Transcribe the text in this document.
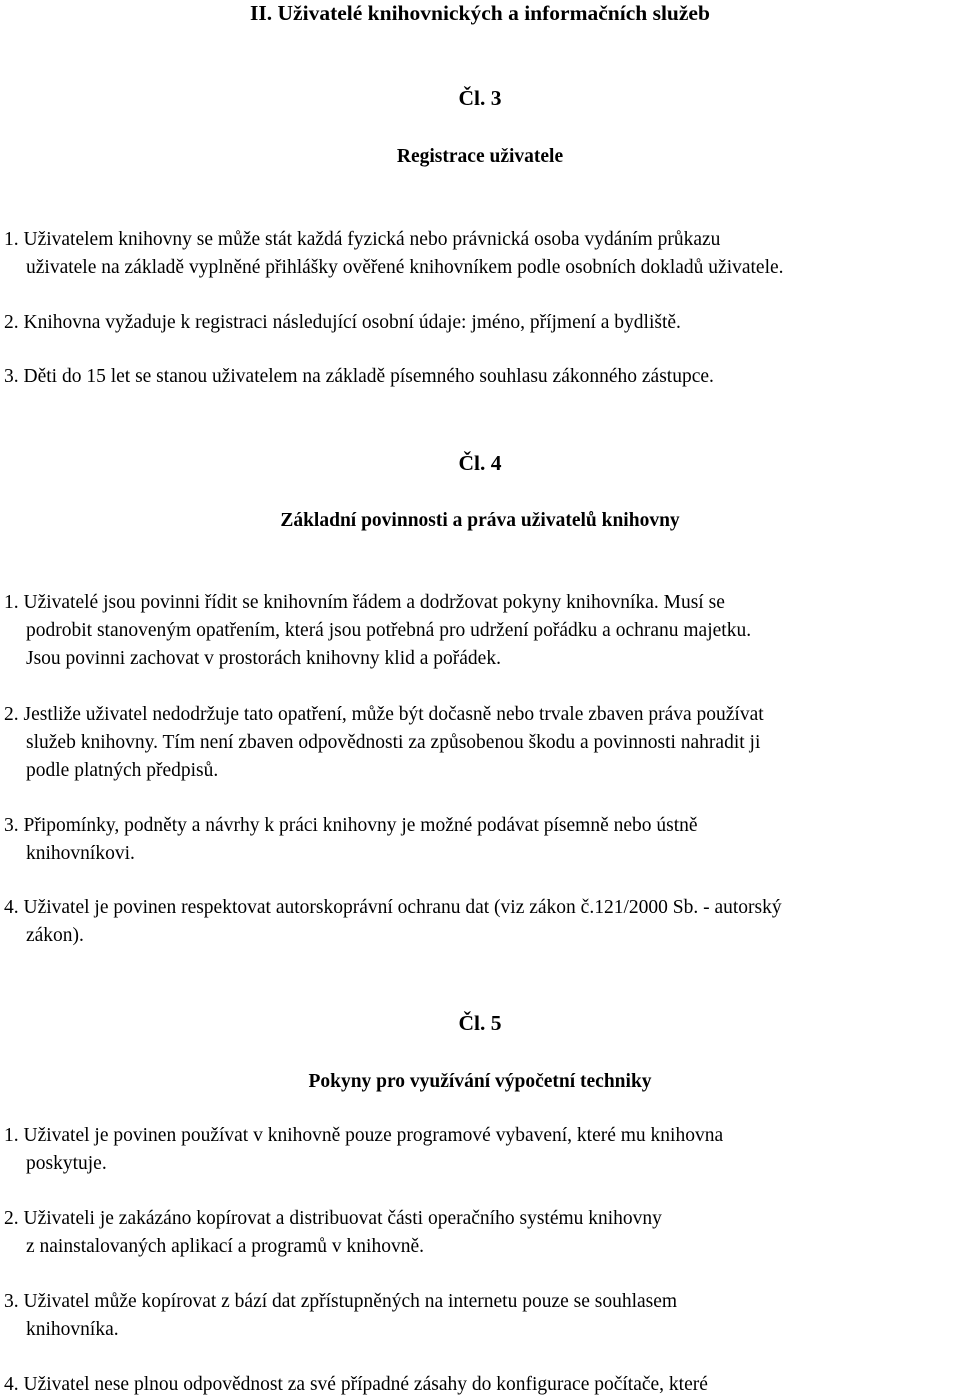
II. Uživatelé knihovnických a informačních služeb
Čl. 3
Registrace uživatele
1. Uživatelem knihovny se může stát každá fyzická nebo právnická osoba vydáním průkazu
uživatele na základě vyplněné přihlášky ověřené knihovníkem podle osobních dokladů uživatele.
2. Knihovna vyžaduje k registraci následující osobní údaje: jméno, příjmení a bydliště.
3. Děti do 15 let se stanou uživatelem na základě písemného souhlasu zákonného zástupce.
Čl. 4
Základní povinnosti a práva uživatelů knihovny
1. Uživatelé jsou povinni řídit se knihovním řádem a dodržovat pokyny knihovníka. Musí se
podrobit stanoveným opatřením, která jsou potřebná pro udržení pořádku a ochranu majetku.
Jsou povinni zachovat v prostorách knihovny klid a pořádek.
2. Jestliže uživatel nedodržuje tato opatření, může být dočasně nebo trvale zbaven práva používat
služeb knihovny. Tím není zbaven odpovědnosti za způsobenou škodu a povinnosti nahradit ji
podle platných předpisů.
3. Připomínky, podněty a návrhy k práci knihovny je možné podávat písemně nebo ústně
knihovníkovi.
4. Uživatel je povinen respektovat autorskoprávní ochranu dat (viz zákon č.121/2000 Sb. - autorský
zákon).
Čl. 5
Pokyny pro využívání výpočetní techniky
1. Uživatel je povinen používat v knihovně pouze programové vybavení, které mu knihovna
poskytuje.
2. Uživateli je zakázáno kopírovat a distribuovat části operačního systému knihovny
z nainstalovaných aplikací a programů v knihovně.
3. Uživatel může kopírovat z bází dat zpřístupněných na internetu pouze se souhlasem
knihovníka.
4. Uživatel nese plnou odpovědnost za své případné zásahy do konfigurace počítače, které
